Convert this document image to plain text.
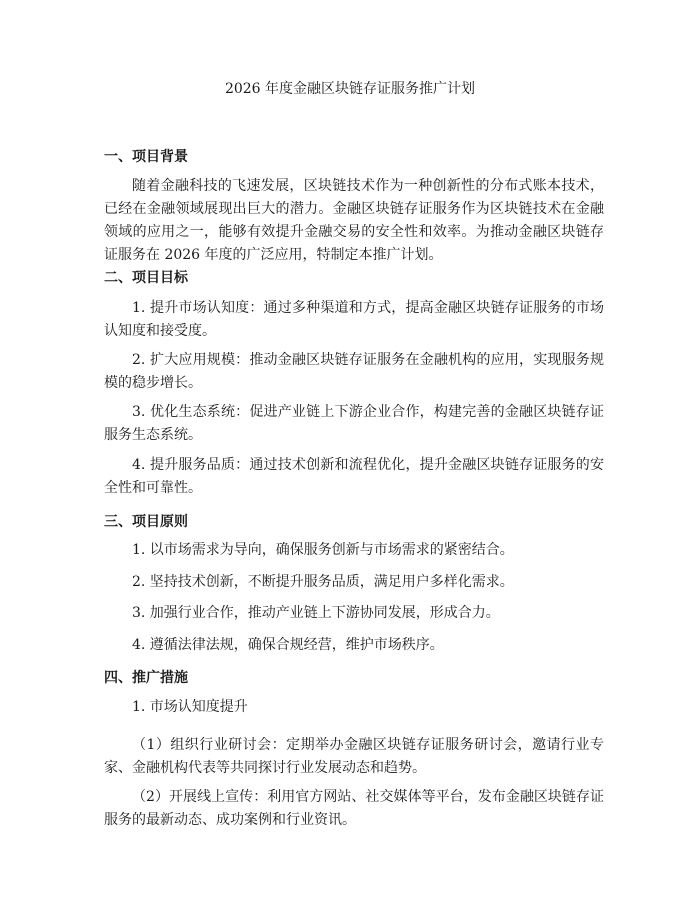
2026 年度金融区块链存证服务推广计划
一、项目背景

随着金融科技的飞速发展，区块链技术作为一种创新性的分布式账本技术，已经在金融领域展现出巨大的潜力。金融区块链存证服务作为区块链技术在金融领域的应用之一，能够有效提升金融交易的安全性和效率。为推动金融区块链存证服务在 2026 年度的广泛应用，特制定本推广计划。

二、项目目标

1. 提升市场认知度：通过多种渠道和方式，提高金融区块链存证服务的市场认知度和接受度。

2. 扩大应用规模：推动金融区块链存证服务在金融机构的应用，实现服务规模的稳步增长。

3. 优化生态系统：促进产业链上下游企业合作，构建完善的金融区块链存证服务生态系统。

4. 提升服务品质：通过技术创新和流程优化，提升金融区块链存证服务的安全性和可靠性。

三、项目原则

1. 以市场需求为导向，确保服务创新与市场需求的紧密结合。

2. 坚持技术创新，不断提升服务品质，满足用户多样化需求。

3. 加强行业合作，推动产业链上下游协同发展，形成合力。

4. 遵循法律法规，确保合规经营，维护市场秩序。

四、推广措施

1. 市场认知度提升

（1）组织行业研讨会：定期举办金融区块链存证服务研讨会，邀请行业专家、金融机构代表等共同探讨行业发展动态和趋势。

（2）开展线上宣传：利用官方网站、社交媒体等平台，发布金融区块链存证服务的最新动态、成功案例和行业资讯。
